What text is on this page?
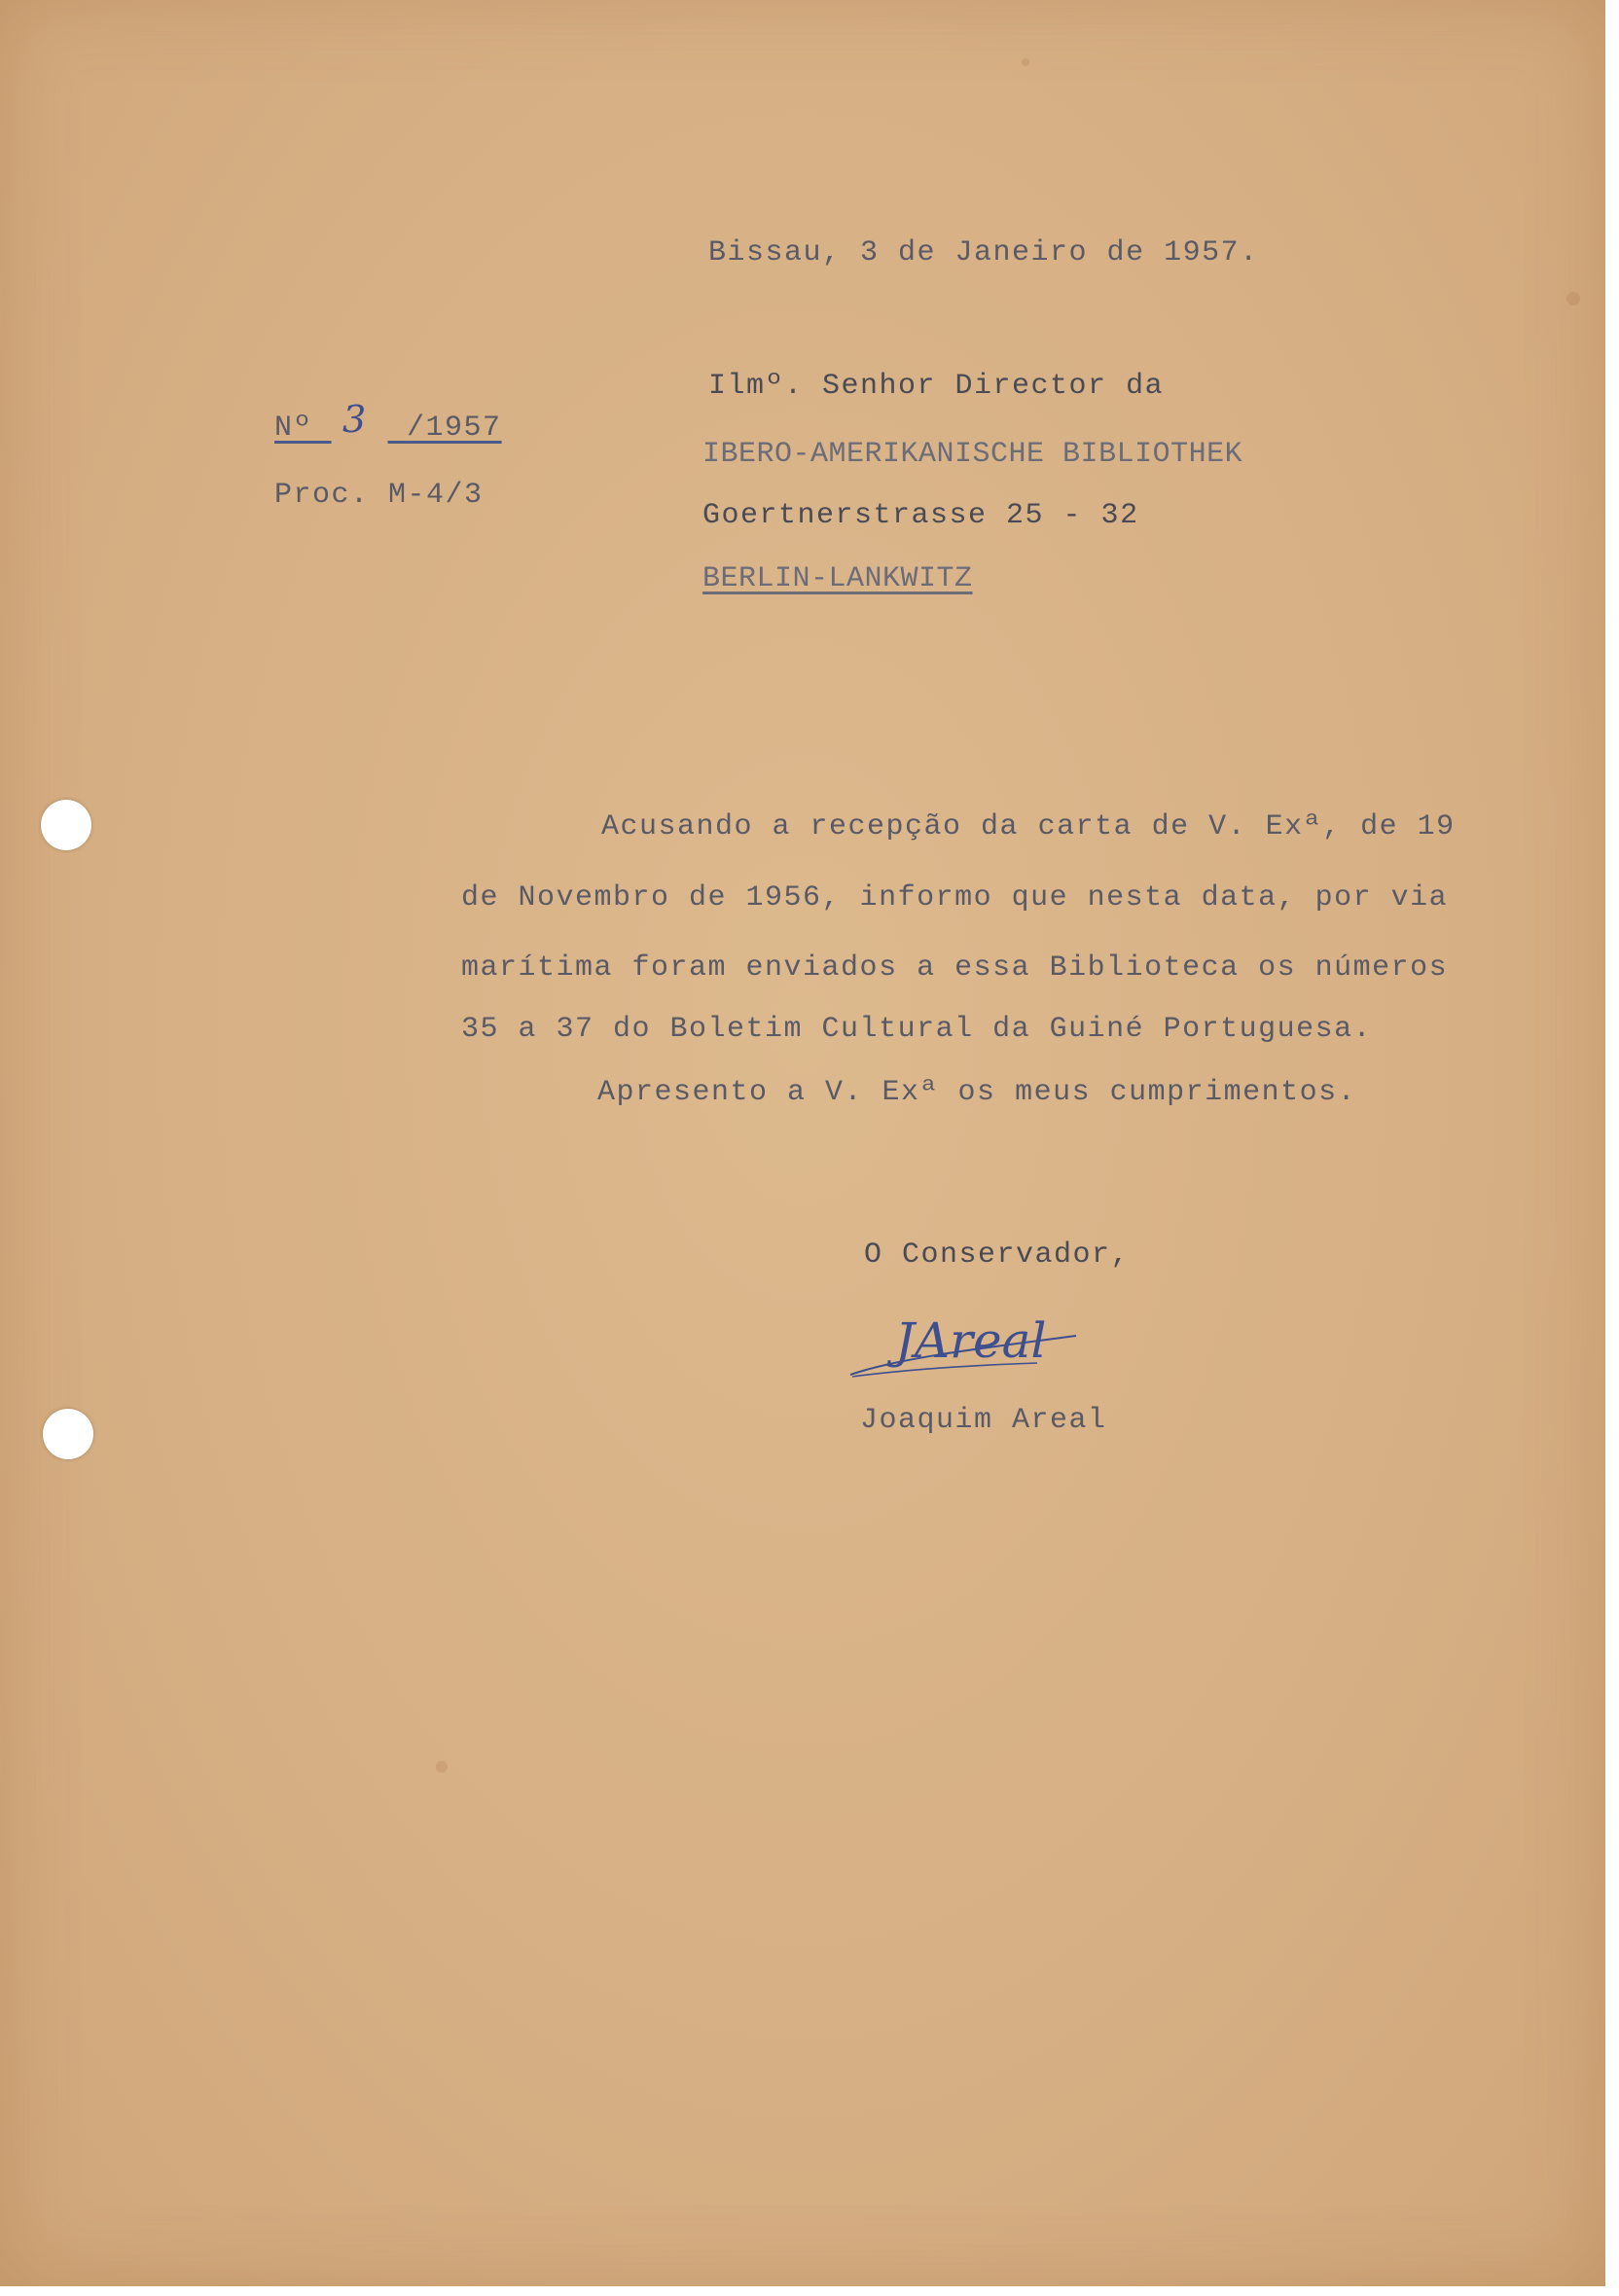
Bissau, 3 de Janeiro de 1957.
Nº	/1957
3
Proc. M-4/3
Ilmº. Senhor Director da
IBERO-AMERIKANISCHE BIBLIOTHEK
Goertnerstrasse 25 - 32
BERLIN-LANKWITZ
Acusando a recepção da carta de V. Exª, de 19
de Novembro de 1956, informo que nesta data, por via
marítima foram enviados a essa Biblioteca os números
35 a 37 do Boletim Cultural da Guiné Portuguesa.
Apresento a V. Exª os meus cumprimentos.
O Conservador,
JAreal
Joaquim Areal
